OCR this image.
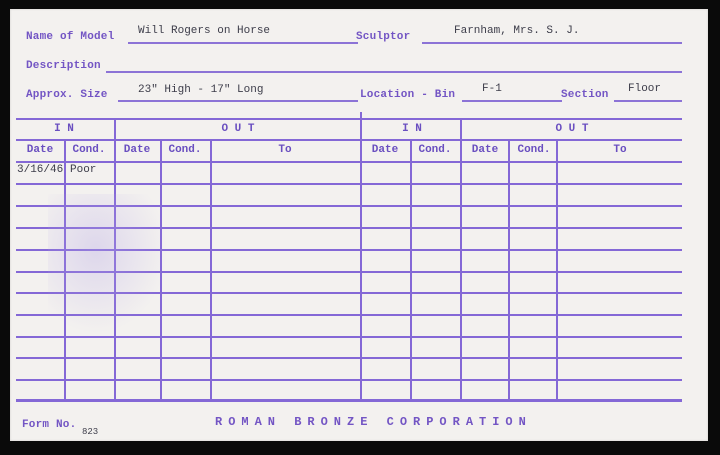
Name of Model Will Rogers on Horse	Sculptor	Farnham, Mrs. S. J.
Description
Approx. Size	23" High - 17" Long	Location - Bin F-1	Section Floor
I N	O U T	I N	O U T
Date	Cond.	Date	Cond.	To	Date	Cond.	Date	Cond.	To
3/16/46 Poor
Form No.
823
ROMAN BRONZE CORPORATION
